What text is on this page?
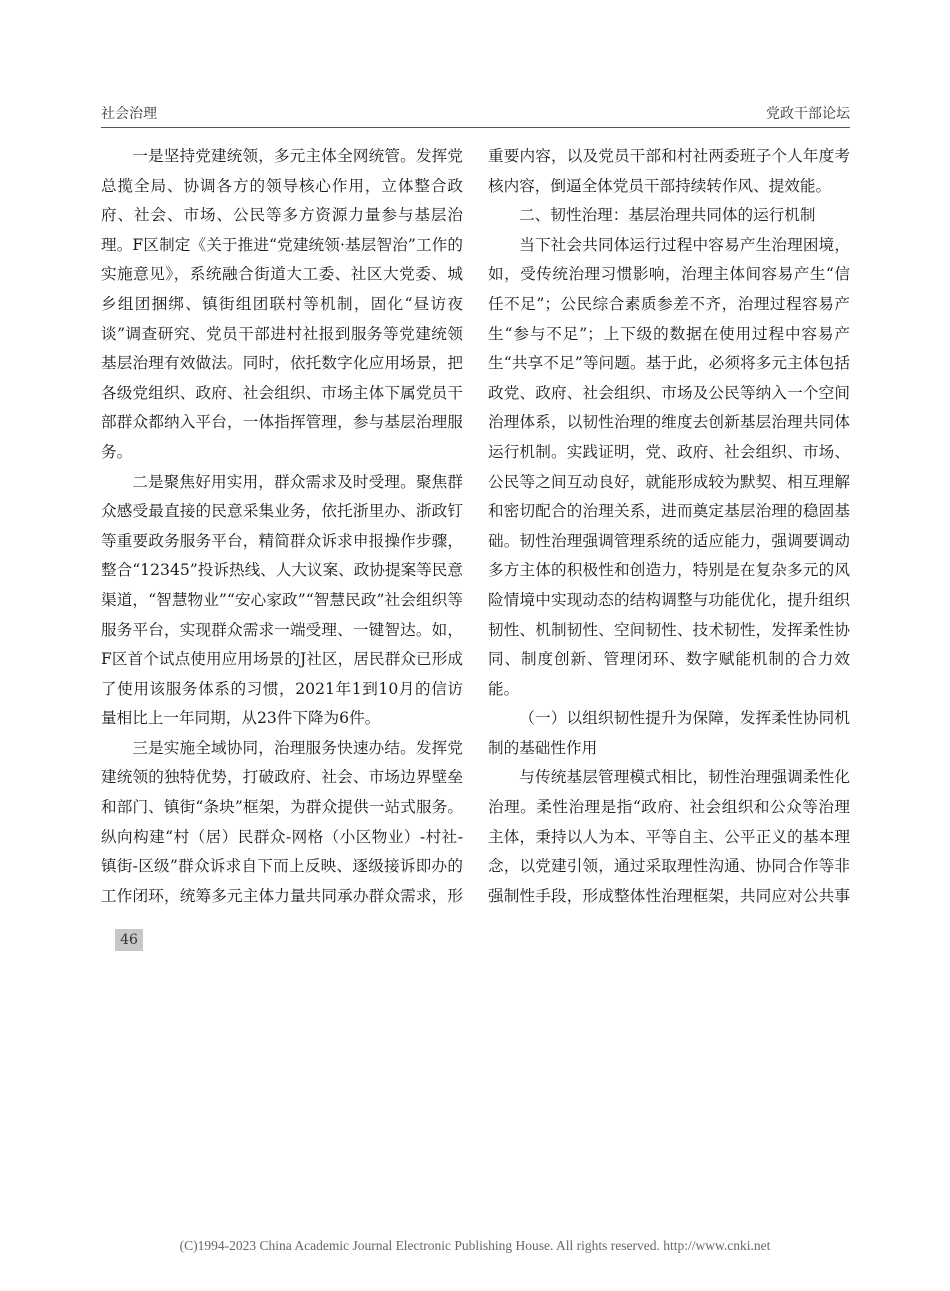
社会治理	党政干部论坛

一是坚持党建统领，多元主体全网统管。发挥党总揽全局、协调各方的领导核心作用，立体整合政府、社会、市场、公民等多方资源力量参与基层治理。F区制定《关于推进“党建统领·基层智治”工作的实施意见》，系统融合街道大工委、社区大党委、城乡组团捆绑、镇街组团联村等机制，固化“昼访夜谈”调查研究、党员干部进村社报到服务等党建统领基层治理有效做法。同时，依托数字化应用场景，把各级党组织、政府、社会组织、市场主体下属党员干部群众都纳入平台，一体指挥管理，参与基层治理服务。

二是聚焦好用实用，群众需求及时受理。聚焦群众感受最直接的民意采集业务，依托浙里办、浙政钉等重要政务服务平台，精简群众诉求申报操作步骤，整合“12345”投诉热线、人大议案、政协提案等民意渠道，“智慧物业”“安心家政”“智慧民政”社会组织等服务平台，实现群众需求一端受理、一键智达。如，F区首个试点使用应用场景的J社区，居民群众已形成了使用该服务体系的习惯，2021年1到10月的信访量相比上一年同期，从23件下降为6件。

三是实施全域协同，治理服务快速办结。发挥党建统领的独特优势，打破政府、社会、市场边界壁垒和部门、镇街“条块”框架，为群众提供一站式服务。纵向构建“村（居）民群众-网格（小区物业）-村社-镇街-区级”群众诉求自下而上反映、逐级接诉即办的工作闭环，统筹多元主体力量共同承办群众需求，形

重要内容，以及党员干部和村社两委班子个人年度考核内容，倒逼全体党员干部持续转作风、提效能。

二、韧性治理：基层治理共同体的运行机制

当下社会共同体运行过程中容易产生治理困境，如，受传统治理习惯影响，治理主体间容易产生“信任不足”；公民综合素质参差不齐，治理过程容易产生“参与不足”；上下级的数据在使用过程中容易产生“共享不足”等问题。基于此，必须将多元主体包括政党、政府、社会组织、市场及公民等纳入一个空间治理体系，以韧性治理的维度去创新基层治理共同体运行机制。实践证明，党、政府、社会组织、市场、公民等之间互动良好，就能形成较为默契、相互理解和密切配合的治理关系，进而奠定基层治理的稳固基础。韧性治理强调管理系统的适应能力，强调要调动多方主体的积极性和创造力，特别是在复杂多元的风险情境中实现动态的结构调整与功能优化，提升组织韧性、机制韧性、空间韧性、技术韧性，发挥柔性协同、制度创新、管理闭环、数字赋能机制的合力效能。

（一）以组织韧性提升为保障，发挥柔性协同机制的基础性作用

与传统基层管理模式相比，韧性治理强调柔性化治理。柔性治理是指“政府、社会组织和公众等治理主体，秉持以人为本、平等自主、公平正义的基本理念，以党建引领，通过采取理性沟通、协同合作等非强制性手段，形成整体性治理框架，共同应对公共事

46
(C)1994-2023 China Academic Journal Electronic Publishing House. All rights reserved. http://www.cnki.net
